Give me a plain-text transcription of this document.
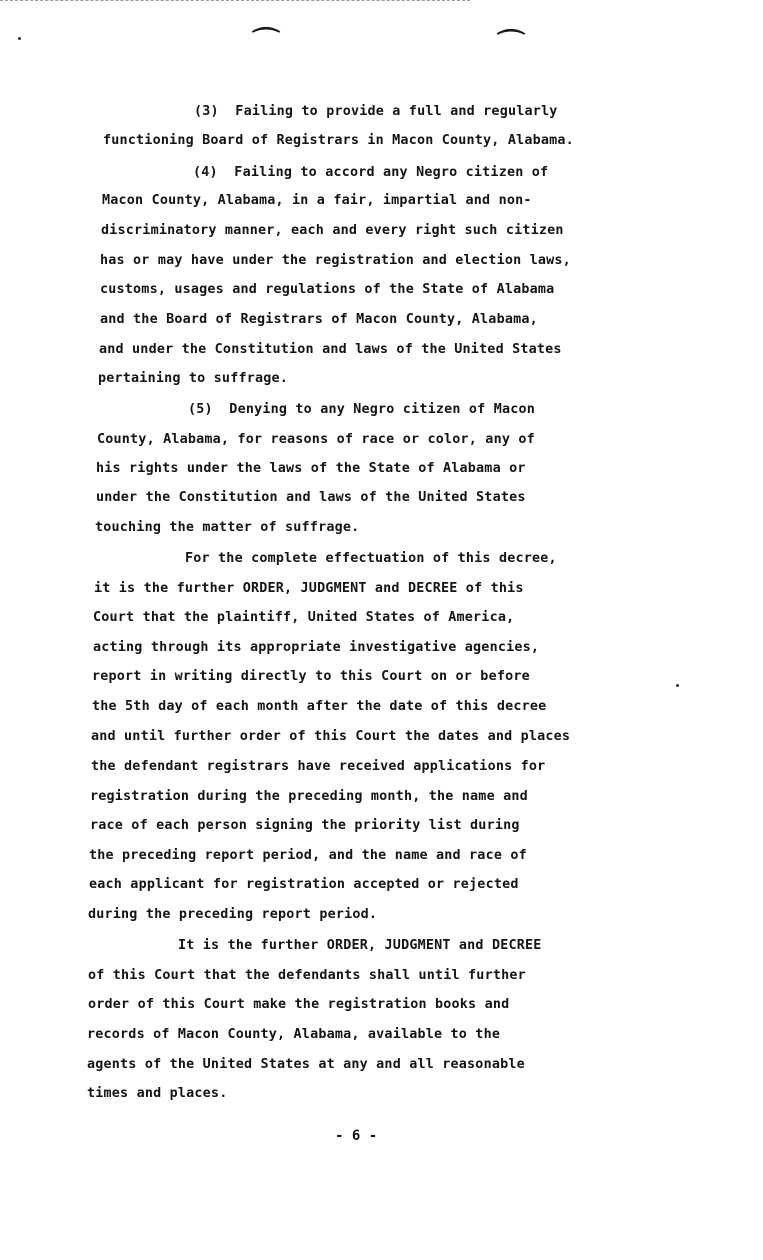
⌒	⌒
(3)  Failing to provide a full and regularly
functioning Board of Registrars in Macon County, Alabama.
(4)  Failing to accord any Negro citizen of
Macon County, Alabama, in a fair, impartial and non-
discriminatory manner, each and every right such citizen
has or may have under the registration and election laws,
customs, usages and regulations of the State of Alabama
and the Board of Registrars of Macon County, Alabama,
and under the Constitution and laws of the United States
pertaining to suffrage.
(5)  Denying to any Negro citizen of Macon
County, Alabama, for reasons of race or color, any of
his rights under the laws of the State of Alabama or
under the Constitution and laws of the United States
touching the matter of suffrage.
For the complete effectuation of this decree,
it is the further ORDER, JUDGMENT and DECREE of this
Court that the plaintiff, United States of America,
acting through its appropriate investigative agencies,
report in writing directly to this Court on or before
the 5th day of each month after the date of this decree
and until further order of this Court the dates and places
the defendant registrars have received applications for
registration during the preceding month, the name and
race of each person signing the priority list during
the preceding report period, and the name and race of
each applicant for registration accepted or rejected
during the preceding report period.
It is the further ORDER, JUDGMENT and DECREE
of this Court that the defendants shall until further
order of this Court make the registration books and
records of Macon County, Alabama, available to the
agents of the United States at any and all reasonable
times and places.
- 6 -
